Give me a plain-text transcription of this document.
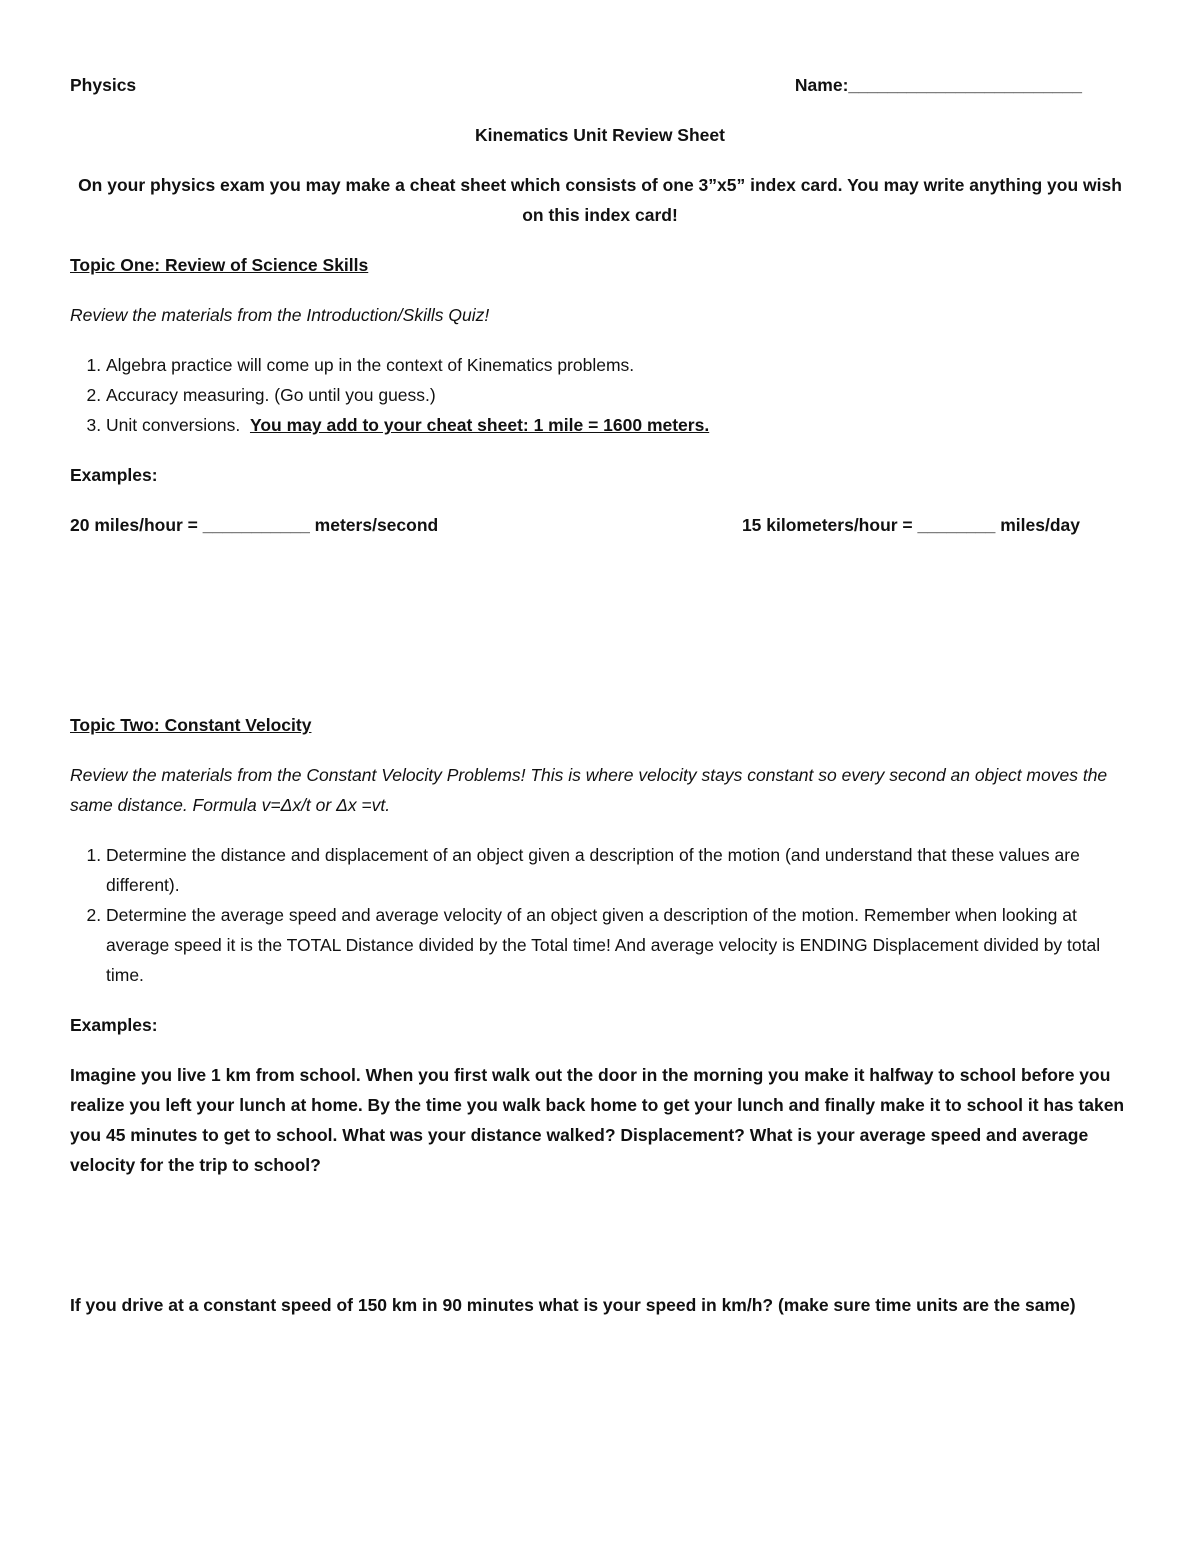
Physics	Name:________________________

Kinematics Unit Review Sheet

On your physics exam you may make a cheat sheet which consists of one 3”x5” index card. You may write anything you wish on this index card!

Topic One: Review of Science Skills

Review the materials from the Introduction/Skills Quiz!

1. Algebra practice will come up in the context of Kinematics problems.
2. Accuracy measuring. (Go until you guess.)
3. Unit conversions. You may add to your cheat sheet: 1 mile = 1600 meters.

Examples:

20 miles/hour = ___________ meters/second	15 kilometers/hour = ________ miles/day

Topic Two: Constant Velocity

Review the materials from the Constant Velocity Problems! This is where velocity stays constant so every second an object moves the same distance. Formula v=Δx/t or Δx =vt.

1. Determine the distance and displacement of an object given a description of the motion (and understand that these values are different).
2. Determine the average speed and average velocity of an object given a description of the motion. Remember when looking at average speed it is the TOTAL Distance divided by the Total time! And average velocity is ENDING Displacement divided by total time.

Examples:

Imagine you live 1 km from school. When you first walk out the door in the morning you make it halfway to school before you realize you left your lunch at home. By the time you walk back home to get your lunch and finally make it to school it has taken you 45 minutes to get to school. What was your distance walked? Displacement? What is your average speed and average velocity for the trip to school?

If you drive at a constant speed of 150 km in 90 minutes what is your speed in km/h? (make sure time units are the same)
